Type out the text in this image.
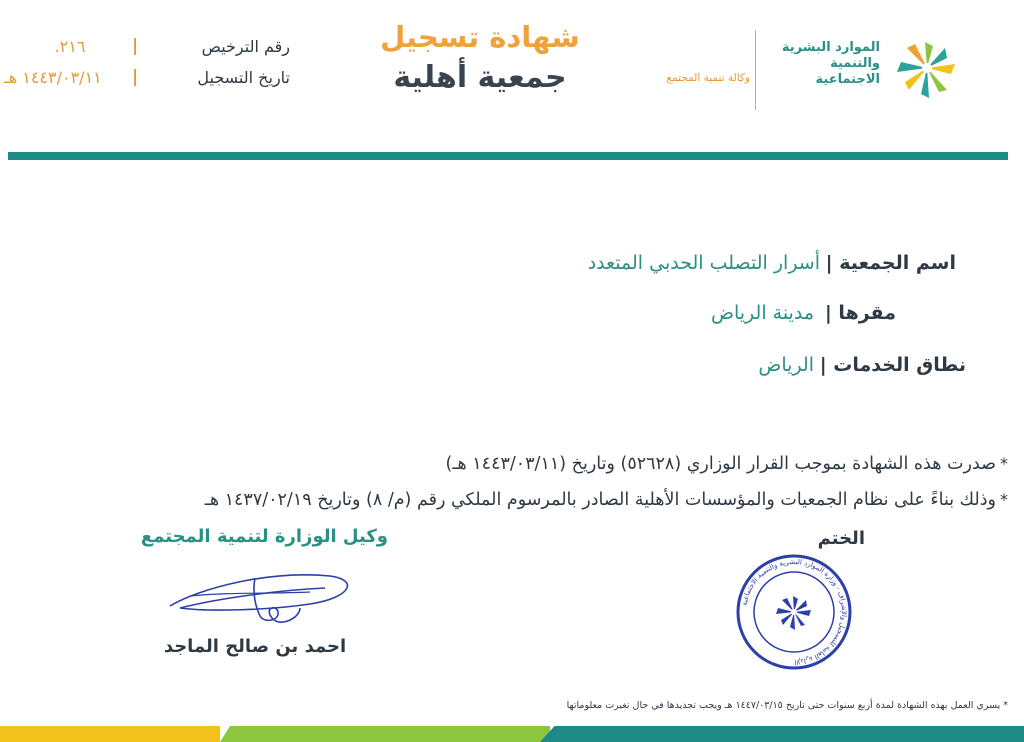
الموارد البشرية
والتنمية الاجتماعية
وكالة تنمية المجتمع
شهادة تسجيل
جمعية أهلية
رقم الترخيص
|
٢١٦.
تاريخ التسجيل
|
١٤٤٣/٠٣/١١ هـ
اسم الجمعية |
أسرار التصلب الحدبي المتعدد
مقرها |
مدينة الرياض
نطاق الخدمات |
الرياض
*صدرت هذه الشهادة بموجب القرار الوزاري (٥٢٦٢٨) وتاريخ (١٤٤٣/٠٣/١١ هـ)
*وذلك بناءً على نظام الجمعيات والمؤسسات الأهلية الصادر بالمرسوم الملكي رقم (م/ ٨) وتاريخ ١٤٣٧/٠٢/١٩ هـ
الختم
وكيل الوزارة لتنمية المجتمع
الإدارة العامة للتسجيل والإشراف - وزارة الموارد البشرية والتنمية الاجتماعية
احمد بن صالح الماجد
* يسري العمل بهذه الشهادة لمدة أربع سنوات حتى تاريخ ١٤٤٧/٠٣/١٥ هـ ويجب تجديدها في حال تغيرت معلوماتها
